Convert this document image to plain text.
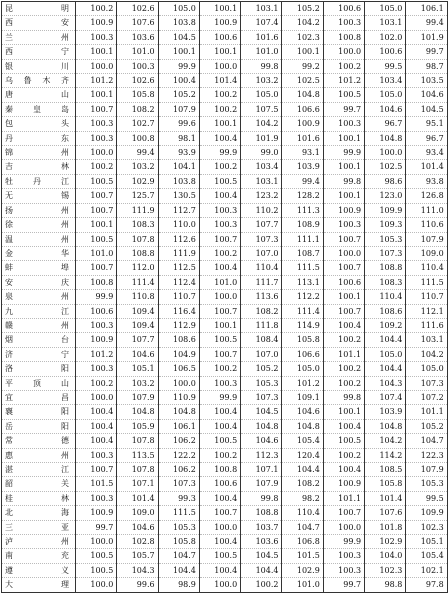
昆明	100.2	102.6	105.0	100.1	103.1	105.2	100.6	105.0	106.1
西安	100.9	107.6	103.8	100.9	107.4	104.2	100.3	103.1	99.4
兰州	100.3	103.6	104.5	100.6	101.6	102.3	100.8	102.0	101.9
西宁	100.1	101.0	100.1	100.1	101.0	100.1	100.0	100.6	99.7
银川	100.0	100.3	99.9	100.0	99.8	99.2	100.2	99.5	98.7
乌鲁木齐	101.2	102.6	100.4	101.4	103.2	102.5	101.2	103.4	103.5
唐山	100.1	105.8	105.2	100.2	105.0	104.8	100.5	105.0	104.6
秦皇岛	100.7	108.2	107.9	100.2	107.5	106.6	99.7	104.6	104.5
包头	100.3	102.7	99.6	100.1	104.2	100.9	100.3	96.7	95.1
丹东	100.3	100.8	98.1	100.4	101.9	101.6	100.1	104.8	96.7
锦州	100.0	99.4	93.9	99.9	99.0	93.1	99.9	100.0	93.4
吉林	100.2	103.2	104.1	100.2	103.4	103.9	100.1	102.5	101.4
牡丹江	100.5	102.9	103.8	100.5	103.1	99.4	99.8	98.6	93.8
无锡	100.7	125.7	130.5	100.4	123.2	128.2	100.1	123.0	126.8
扬州	100.7	111.9	112.7	100.3	110.2	111.3	100.9	109.9	111.0
徐州	100.1	108.3	110.0	100.3	107.7	108.9	100.3	109.3	110.6
温州	100.5	107.8	112.6	100.7	107.3	111.1	100.7	105.3	107.9
金华	101.0	108.8	111.9	100.2	107.0	108.7	100.0	107.3	109.0
蚌埠	100.7	112.0	112.5	100.4	110.4	111.5	100.7	108.8	110.4
安庆	100.8	111.4	112.4	101.0	111.7	113.1	100.6	108.3	111.5
泉州	99.9	110.8	110.7	100.0	113.6	112.2	100.1	110.4	110.7
九江	100.6	109.4	116.4	100.7	108.2	111.4	100.7	108.6	112.1
赣州	100.3	109.4	112.9	100.1	111.8	114.9	100.4	109.2	111.6
烟台	100.9	107.7	108.6	100.5	108.4	105.8	100.2	104.4	103.1
济宁	101.2	104.6	104.9	100.7	107.0	106.6	101.1	105.0	104.2
洛阳	100.3	105.1	106.5	100.2	105.2	105.0	100.2	104.4	105.0
平顶山	100.2	103.2	100.0	100.3	105.3	101.2	100.2	104.3	107.3
宜昌	100.0	107.9	110.9	99.9	107.3	109.1	99.8	107.4	107.2
襄阳	100.4	104.8	104.8	100.4	104.5	104.6	100.1	103.9	101.1
岳阳	100.4	105.9	106.1	100.4	104.8	104.8	100.4	104.8	105.2
常德	100.4	107.8	106.2	100.5	104.6	105.4	100.5	104.2	104.7
惠州	100.3	113.5	122.2	100.2	112.3	120.4	100.2	114.2	122.3
湛江	100.7	107.8	106.2	100.8	107.1	104.4	100.4	108.5	107.9
韶关	101.5	107.1	107.3	100.6	107.9	108.2	100.9	105.8	105.3
桂林	100.3	101.4	99.3	100.4	99.8	98.2	101.1	101.4	99.5
北海	100.9	109.0	111.5	100.7	108.8	110.4	100.7	107.6	109.9
三亚	99.7	104.6	105.3	100.0	103.7	104.7	100.0	101.8	102.3
泸州	100.0	102.8	105.8	100.4	103.6	106.8	99.9	102.9	105.1
南充	100.5	105.7	104.7	100.5	104.5	101.5	100.3	104.0	105.4
遵义	100.5	104.3	104.4	100.4	104.4	102.9	100.3	102.3	102.1
大理	100.0	99.6	98.9	100.0	100.2	101.0	99.7	98.8	97.8
